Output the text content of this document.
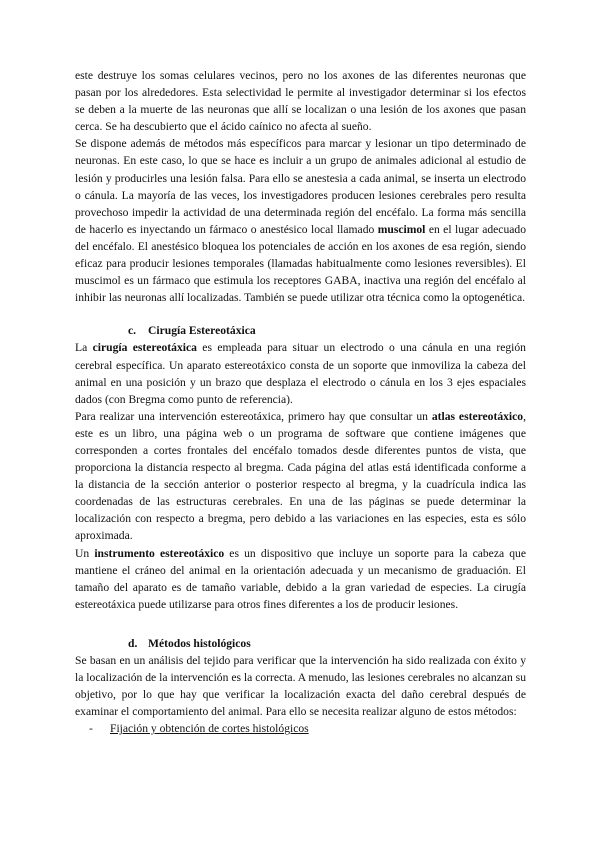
este destruye los somas celulares vecinos, pero no los axones de las diferentes neuronas que pasan por los alrededores. Esta selectividad le permite al investigador determinar si los efectos se deben a la muerte de las neuronas que allí se localizan o una lesión de los axones que pasan cerca. Se ha descubierto que el ácido caínico no afecta al sueño.

Se dispone además de métodos más específicos para marcar y lesionar un tipo determinado de neuronas. En este caso, lo que se hace es incluir a un grupo de animales adicional al estudio de lesión y producirles una lesión falsa. Para ello se anestesia a cada animal, se inserta un electrodo o cánula. La mayoría de las veces, los investigadores producen lesiones cerebrales pero resulta provechoso impedir la actividad de una determinada región del encéfalo. La forma más sencilla de hacerlo es inyectando un fármaco o anestésico local llamado muscimol en el lugar adecuado del encéfalo. El anestésico bloquea los potenciales de acción en los axones de esa región, siendo eficaz para producir lesiones temporales (llamadas habitualmente como lesiones reversibles). El muscimol es un fármaco que estimula los receptores GABA, inactiva una región del encéfalo al inhibir las neuronas allí localizadas. También se puede utilizar otra técnica como la optogenética.

c.	Cirugía Estereotáxica

La cirugía estereotáxica es empleada para situar un electrodo o una cánula en una región cerebral específica. Un aparato estereotáxico consta de un soporte que inmoviliza la cabeza del animal en una posición y un brazo que desplaza el electrodo o cánula en los 3 ejes espaciales dados (con Bregma como punto de referencia).

Para realizar una intervención estereotáxica, primero hay que consultar un atlas estereotáxico, este es un libro, una página web o un programa de software que contiene imágenes que corresponden a cortes frontales del encéfalo tomados desde diferentes puntos de vista, que proporciona la distancia respecto al bregma. Cada página del atlas está identificada conforme a la distancia de la sección anterior o posterior respecto al bregma, y la cuadrícula indica las coordenadas de las estructuras cerebrales. En una de las páginas se puede determinar la localización con respecto a bregma, pero debido a las variaciones en las especies, esta es sólo aproximada.

Un instrumento estereotáxico es un dispositivo que incluye un soporte para la cabeza que mantiene el cráneo del animal en la orientación adecuada y un mecanismo de graduación. El tamaño del aparato es de tamaño variable, debido a la gran variedad de especies. La cirugía estereotáxica puede utilizarse para otros fines diferentes a los de producir lesiones.

d. Métodos histológicos

Se basan en un análisis del tejido para verificar que la intervención ha sido realizada con éxito y la localización de la intervención es la correcta. A menudo, las lesiones cerebrales no alcanzan su objetivo, por lo que hay que verificar la localización exacta del daño cerebral después de examinar el comportamiento del animal. Para ello se necesita realizar alguno de estos métodos:

-	Fijación y obtención de cortes histológicos
